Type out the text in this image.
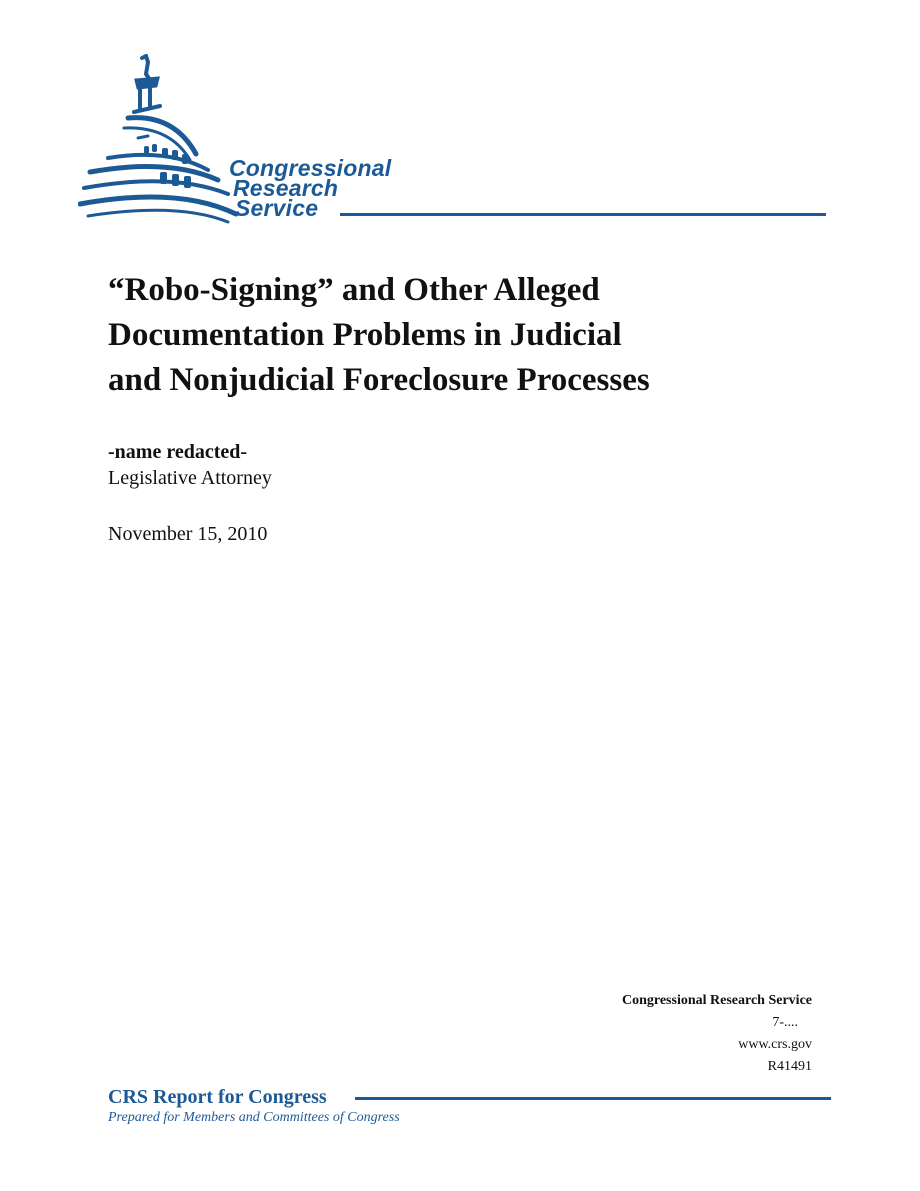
Congressional
Research
Service
“Robo-Signing” and Other Alleged
Documentation Problems in Judicial
and Nonjudicial Foreclosure Processes
-name redacted-
Legislative Attorney
November 15, 2010
Congressional Research Service
7-....
www.crs.gov
R41491
CRS Report for Congress
Prepared for Members and Committees of Congress
